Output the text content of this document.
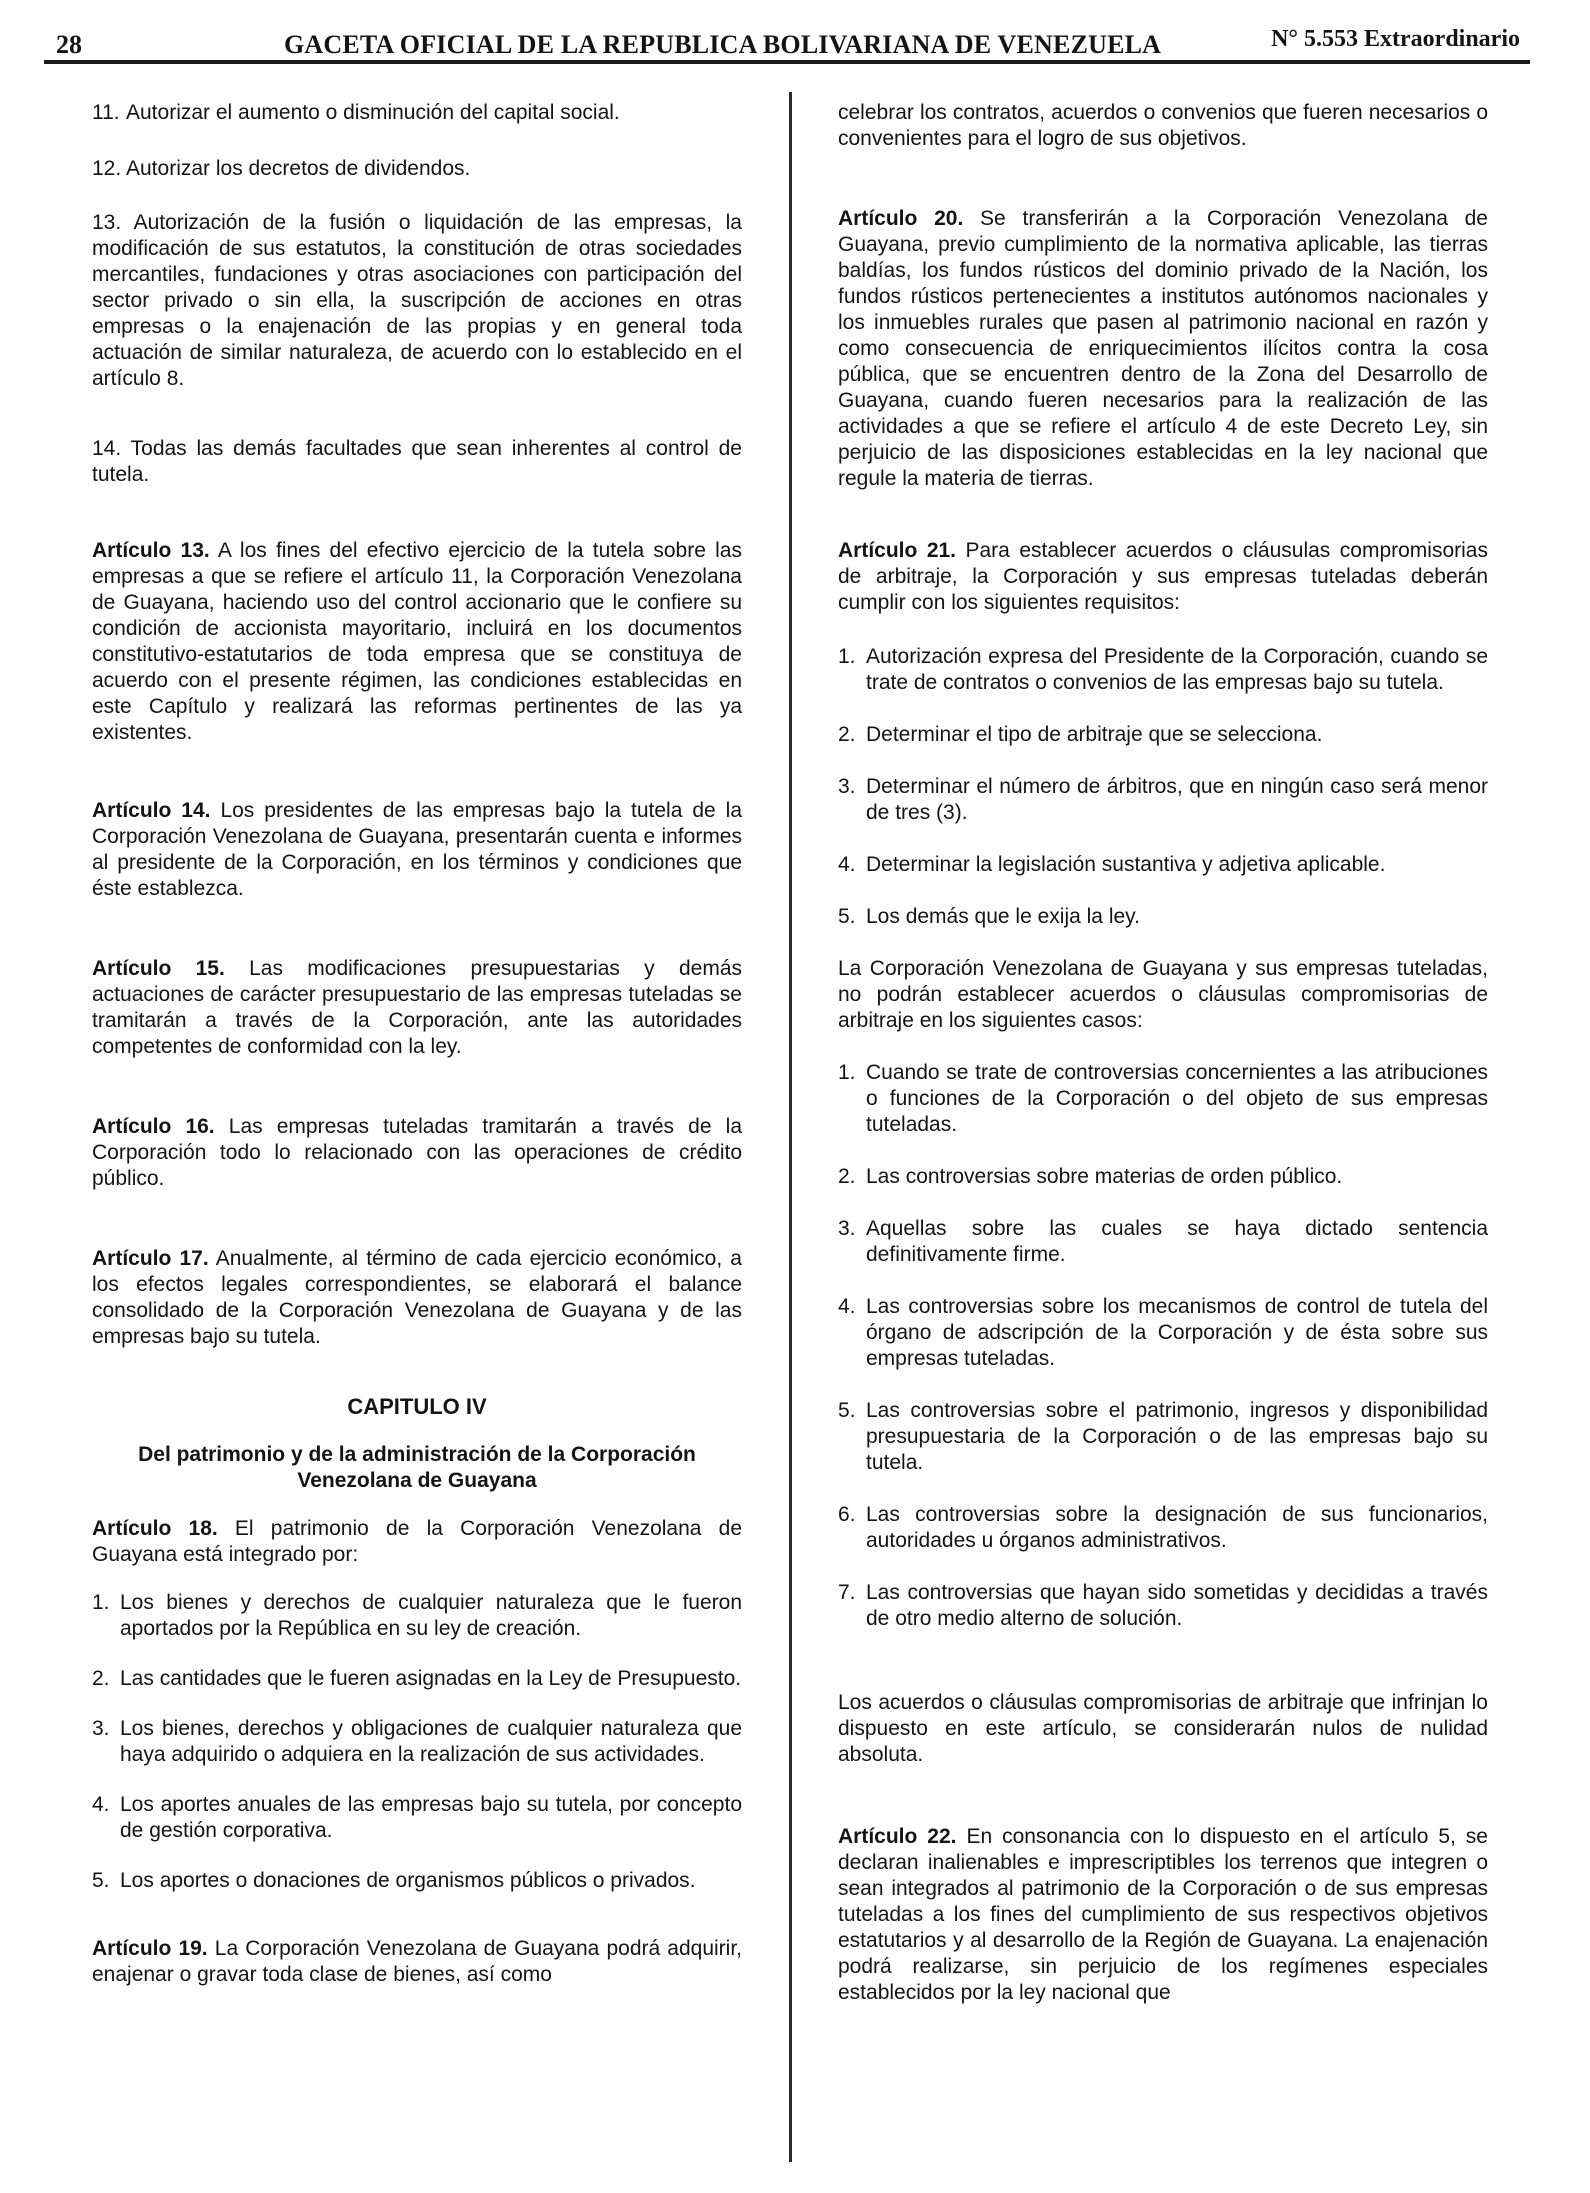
28	GACETA OFICIAL DE LA REPUBLICA BOLIVARIANA DE VENEZUELA	N° 5.553 Extraordinario
11. Autorizar el aumento o disminución del capital social.
12. Autorizar los decretos de dividendos.

13. Autorización de la fusión o liquidación de las empresas, la modificación de sus estatutos, la constitución de otras sociedades mercantiles, fundaciones y otras asociaciones con participación del sector privado o sin ella, la suscripción de acciones en otras empresas o la enajenación de las propias y en general toda actuación de similar naturaleza, de acuerdo con lo establecido en el artículo 8.

14. Todas las demás facultades que sean inherentes al control de tutela.

Artículo 13. A los fines del efectivo ejercicio de la tutela sobre las empresas a que se refiere el artículo 11, la Corporación Venezolana de Guayana, haciendo uso del control accionario que le confiere su condición de accionista mayoritario, incluirá en los documentos constitutivo-estatutarios de toda empresa que se constituya de acuerdo con el presente régimen, las condiciones establecidas en este Capítulo y realizará las reformas pertinentes de las ya existentes.

Artículo 14. Los presidentes de las empresas bajo la tutela de la Corporación Venezolana de Guayana, presentarán cuenta e informes al presidente de la Corporación, en los términos y condiciones que éste establezca.

Artículo 15. Las modificaciones presupuestarias y demás actuaciones de carácter presupuestario de las empresas tuteladas se tramitarán a través de la Corporación, ante las autoridades competentes de conformidad con la ley.

Artículo 16. Las empresas tuteladas tramitarán a través de la Corporación todo lo relacionado con las operaciones de crédito público.

Artículo 17. Anualmente, al término de cada ejercicio económico, a los efectos legales correspondientes, se elaborará el balance consolidado de la Corporación Venezolana de Guayana y de las empresas bajo su tutela.

CAPITULO IV

Del patrimonio y de la administración de la Corporación Venezolana de Guayana

Artículo 18. El patrimonio de la Corporación Venezolana de Guayana está integrado por:

1. Los bienes y derechos de cualquier naturaleza que le fueron aportados por la República en su ley de creación.
2. Las cantidades que le fueren asignadas en la Ley de Presupuesto.
3. Los bienes, derechos y obligaciones de cualquier naturaleza que haya adquirido o adquiera en la realización de sus actividades.
4. Los aportes anuales de las empresas bajo su tutela, por concepto de gestión corporativa.
5. Los aportes o donaciones de organismos públicos o privados.

Artículo 19. La Corporación Venezolana de Guayana podrá adquirir, enajenar o gravar toda clase de bienes, así como

celebrar los contratos, acuerdos o convenios que fueren necesarios o convenientes para el logro de sus objetivos.

Artículo 20. Se transferirán a la Corporación Venezolana de Guayana, previo cumplimiento de la normativa aplicable, las tierras baldías, los fundos rústicos del dominio privado de la Nación, los fundos rústicos pertenecientes a institutos autónomos nacionales y los inmuebles rurales que pasen al patrimonio nacional en razón y como consecuencia de enriquecimientos ilícitos contra la cosa pública, que se encuentren dentro de la Zona del Desarrollo de Guayana, cuando fueren necesarios para la realización de las actividades a que se refiere el artículo 4 de este Decreto Ley, sin perjuicio de las disposiciones establecidas en la ley nacional que regule la materia de tierras.

Artículo 21. Para establecer acuerdos o cláusulas compromisorias de arbitraje, la Corporación y sus empresas tuteladas deberán cumplir con los siguientes requisitos:

1. Autorización expresa del Presidente de la Corporación, cuando se trate de contratos o convenios de las empresas bajo su tutela.
2. Determinar el tipo de arbitraje que se selecciona.
3. Determinar el número de árbitros, que en ningún caso será menor de tres (3).
4. Determinar la legislación sustantiva y adjetiva aplicable.
5. Los demás que le exija la ley.

La Corporación Venezolana de Guayana y sus empresas tuteladas, no podrán establecer acuerdos o cláusulas compromisorias de arbitraje en los siguientes casos:

1. Cuando se trate de controversias concernientes a las atribuciones o funciones de la Corporación o del objeto de sus empresas tuteladas.
2. Las controversias sobre materias de orden público.
3. Aquellas sobre las cuales se haya dictado sentencia definitivamente firme.
4. Las controversias sobre los mecanismos de control de tutela del órgano de adscripción de la Corporación y de ésta sobre sus empresas tuteladas.
5. Las controversias sobre el patrimonio, ingresos y disponibilidad presupuestaria de la Corporación o de las empresas bajo su tutela.
6. Las controversias sobre la designación de sus funcionarios, autoridades u órganos administrativos.
7. Las controversias que hayan sido sometidas y decididas a través de otro medio alterno de solución.

Los acuerdos o cláusulas compromisorias de arbitraje que infrinjan lo dispuesto en este artículo, se considerarán nulos de nulidad absoluta.

Artículo 22. En consonancia con lo dispuesto en el artículo 5, se declaran inalienables e imprescriptibles los terrenos que integren o sean integrados al patrimonio de la Corporación o de sus empresas tuteladas a los fines del cumplimiento de sus respectivos objetivos estatutarios y al desarrollo de la Región de Guayana. La enajenación podrá realizarse, sin perjuicio de los regímenes especiales establecidos por la ley nacional que
